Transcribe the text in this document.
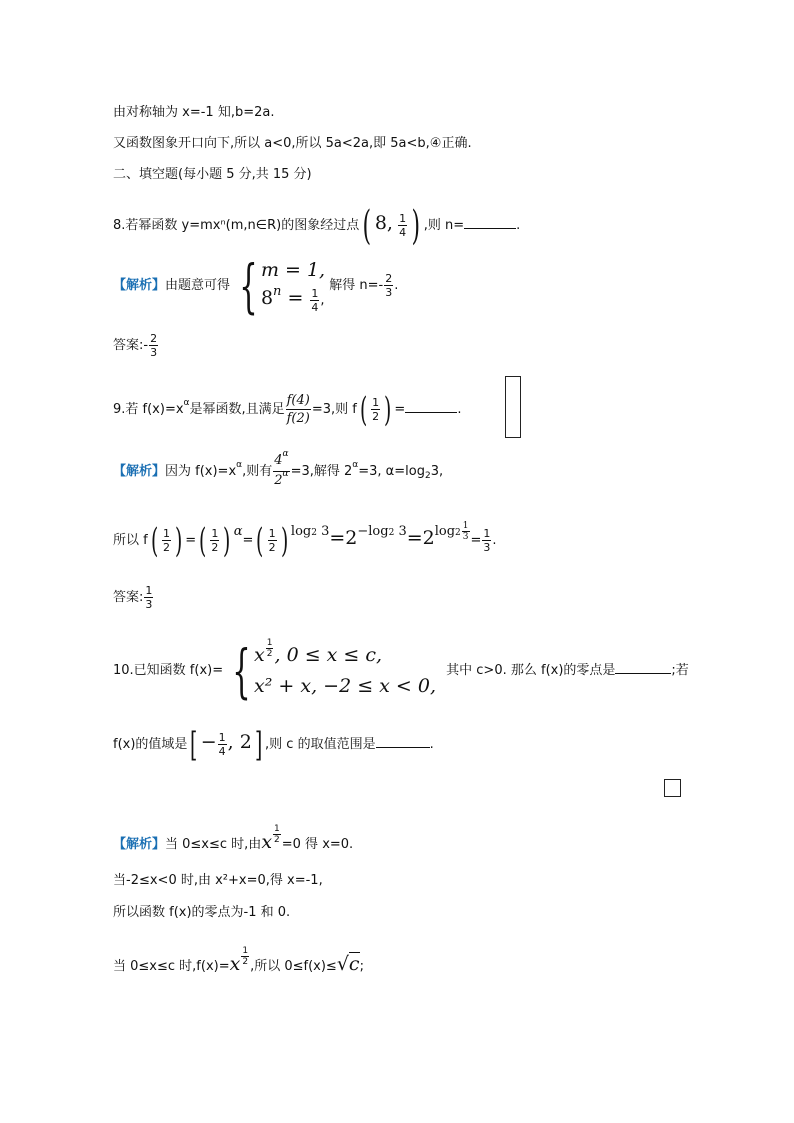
由对称轴为 x=-1 知,b=2a.
又函数图象开口向下,所以 a<0,所以 5a<2a,即 5a<b,④正确.
二、填空题(每小题 5 分,共 15 分)
8.若幂函数 y=mxⁿ(m,n∈R)的图象经过点( 8, $\frac{1}{4}$ ) ,则 n=	.
【解析】由题意可得 { m = 1,
$8n = \frac{1}{4}$ ,
解得 $n=- \frac{2}{3}$ .
答案:- $\frac{2}{3}$
9.若 $f(x)=x^\alpha$是幂函数,且满足 $\frac{f(4)}{f(2)} =3$,则 $f( \frac{1}{2}$ ) =	.
【解析】因为 $f(x)=x^\alpha$,则有 $\frac{4^\alpha}{2^\alpha} =3$,解得 $2^\alpha=3$, $\alpha=\log_23$,
所以 $f( \frac{1}{2}$ ) =( $\frac{1}{2}$ ) $\alpha=( \frac{1}{2}$ ) log2 3=2−log2 $3=2\log 2 \frac{1}{3} = \frac{1}{3}$ .
答案: $\frac{1}{3}$
10.已知函数 f(x)= { x $\frac{1}{2}$ , 0 ≤ x ≤ c,
x² + x, −2 ≤ x < 0,
其中 c>0. 那么 f(x)的零点是	;若
f(x)的值域是[ − $\frac{1}{4}$ , 2] ,则 c 的取值范围是	.
【解析】当 0≤x≤c 时,由x $\frac{1}{2} =0$ 得 x=0.
当-2≤x<0 时,由 x²+x=0,得 x=-1,
所以函数 f(x)的零点为-1 和 0.
当 0≤x≤c 时$,f(x)=x \frac{1}{2}$ ,所以 0≤f(x)≤√c;
